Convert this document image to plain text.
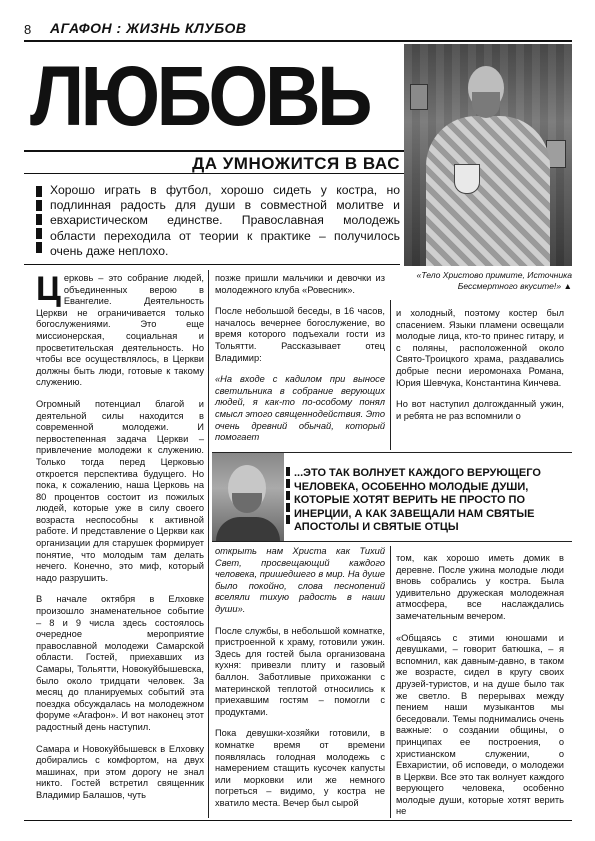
8 АГАФОН : ЖИЗНЬ КЛУБОВ
ЛЮБОВЬ
ДА УМНОЖИТСЯ В ВАС
Хорошо играть в футбол, хорошо сидеть у костра, но подлинная радость для души в совместной молитве и евхаристическом единстве. Православная молодежь области переходила от теории к практике – получилось очень даже неплохо.
«Тело Христово примите, Источника Бессмертного вкусите!» ▲

Церковь – это собрание людей, объединенных верою в Евангелие. Деятельность Церкви не ограничивается только богослужениями. Это еще миссионерская, социальная и просветительская деятельность. Но чтобы все осуществлялось, в Церкви должны быть люди, готовые к такому служению.

Огромный потенциал благой и деятельной силы находится в современной молодежи. И первостепенная задача Церкви – привлечение молодежи к служению. Только тогда перед Церковью откроется перспектива будущего. Но пока, к сожалению, наша Церковь на 80 процентов состоит из пожилых людей, которые уже в силу своего возраста неспособны к активной работе. И представление о Церкви как организации для старушек формирует понятие, что молодым там делать нечего. Конечно, это миф, который надо разрушить.

В начале октября в Елховке произошло знаменательное событие – 8 и 9 числа здесь состоялось очередное мероприятие православной молодежи Самарской области. Гостей, приехавших из Самары, Тольятти, Новокуйбышевска, было около тридцати человек. За месяц до планируемых событий эта поездка обсуждалась на молодежном форуме «Агафон». И вот наконец этот радостный день наступил.

Самара и Новокуйбышевск в Елховку добирались с комфортом, на двух машинах, при этом дорогу не знал никто. Гостей встретил священник Владимир Балашов, чуть

позже пришли мальчики и девочки из молодежного клуба «Ровесник».

После небольшой беседы, в 16 часов, началось вечернее богослужение, во время которого подъехали гости из Тольятти. Рассказывает отец Владимир:

«На входе с кадилом при выносе светильника в собрание верующих людей, я как-то по-особому понял смысл этого священнодействия. Это очень древний обычай, который помогает

и холодный, поэтому костер был спасением. Языки пламени освещали молодые лица, кто-то принес гитару, и с поляны, расположенной около Свято-Троицкого храма, раздавались добрые песни иеромонаха Романа, Юрия Шевчука, Константина Кинчева.

Но вот наступил долгожданный ужин, и ребята не раз вспомнили о

...ЭТО ТАК ВОЛНУЕТ КАЖДОГО ВЕРУЮЩЕГО ЧЕЛОВЕКА, ОСОБЕННО МОЛОДЫЕ ДУШИ, КОТОРЫЕ ХОТЯТ ВЕРИТЬ НЕ ПРОСТО ПО ИНЕРЦИИ, А КАК ЗАВЕЩАЛИ НАМ СВЯТЫЕ АПОСТОЛЫ И СВЯТЫЕ ОТЦЫ

открыть нам Христа как Тихий Свет, просвещающий каждого человека, пришедшего в мир. На душе было покойно, слова песнопений вселяли тихую радость в наши души».

После службы, в небольшой комнатке, пристроенной к храму, готовили ужин. Здесь для гостей была организована кухня: привезли плиту и газовый баллон. Заботливые прихожанки с материнской теплотой относились к приехавшим гостям – помогли с продуктами.

Пока девушки-хозяйки готовили, в комнатке время от времени появлялась голодная молодежь с намерением стащить кусочек капусты или морковки или же немного погреться – видимо, у костра не хватило места. Вечер был сырой

том, как хорошо иметь домик в деревне. После ужина молодые люди вновь собрались у костра. Была удивительно дружеская молодежная атмосфера, все наслаждались замечательным вечером.

«Общаясь с этими юношами и девушками, – говорит батюшка, – я вспомнил, как давным-давно, в таком же возрасте, сидел в кругу своих друзей-туристов, и на душе было так же светло. В перерывах между пением наши музыкантов мы беседовали. Темы поднимались очень важные: о создании общины, о принципах ее построения, о христианском служении, о Евхаристии, об исповеди, о молодежи в Церкви. Все это так волнует каждого верующего человека, особенно молодые души, которые хотят верить не
